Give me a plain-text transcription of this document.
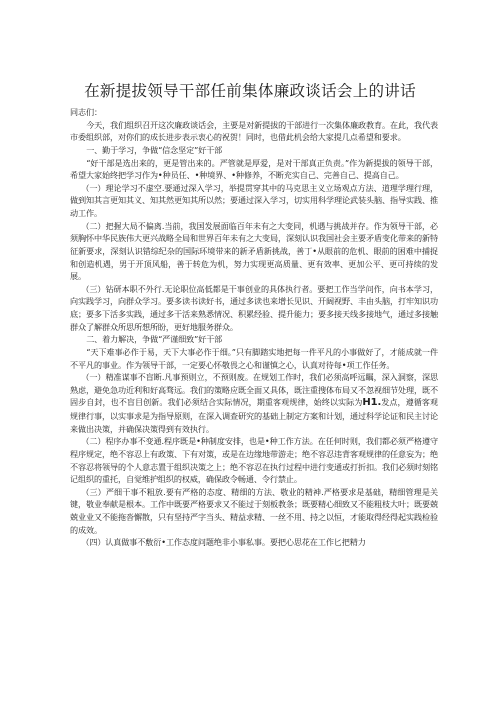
在新提拔领导干部任前集体廉政谈话会上的讲话

同志们：

今天，我们组织召开这次廉政谈话会，主要是对新提拔的干部进行一次集体廉政教育。在此，我代表市委组织部，对你们的成长进步表示衷心的祝贺！同时，也借此机会给大家提几点希望和要求。

一、勤于学习，争做“信念坚定”好干部

“好干部是选出来的，更是管出来的。严管就是厚爱，是对干部真正负责。”作为新提拔的领导干部，希望大家始终把学习作为•种员任、•种境界、•种修养，不断充实自己、完善自己、提高自己。

（一）理论学习不虚空.要通过深入学习，举提贯穿其中的马克思主义立场观点方法、道理学理行理，做到知其言更知其义、知其然更知其所以然；要通过深入学习，切实用科学理论武装头脑、指导实践、推动工作。

（二）把握大局不偏离.当前，我国发展面临百年未有之大变同，机遇与挑战并存。作为领导干部，必须胸怀中华民族伟大更兴战略全局和世界百年未有之大变局，深刻认识我国社会主要矛盾变化带来的新特征新要求，深刻认识错综纪杂的国际环境带来的新矛盾新挑战，善丁•从眼前的危机、眼前的困难中捕捉和创造机遇，男于开顶风船，善于转危为机，努力实现更高质量、更有效率、更加公平、更可持续的发展。

（三）钻研本职不外行.无论职位高低都是干事创业的具体执行者。要把工作当学问作，向书本学习，向实践学习，向群众学习。要多读书读好书，通过多读也来增长见识、开阔视野、丰由头脑，打牢知识功底；要多下活多实践，通过多干活来熟悉情况、积累经验、提升能力；要多接天线多接地气，通过多接触群众了解群众所思所想所盼，更好地服务群众。

二、着力解决，争做“严谨细致”好干部

“天下难事必作于易，天下大事必作于细。”只有脚踏实地把每一件平凡的小事做好了，才能成就一件不平凡的事业。作为领导干部，一定要心怀敬畏之心和谨慎之心，认真对待每•项工作任务。

（一）精准谋事不盲断.凡事预则立，不预则废。在规划工作时，我们必须高呼远瞩，深入洞察，深思熟虑，避免急功近利和好高骛远。我们的策略应既全面又具体，既注重搜体布局又不忽视细节处理，既不固步自封，也不盲目创新。我们必须结合实际情况，期重客观规律，始终以实际为H1.发点，遵循客观规律行事，以实事求是为指导原则，在深入调查研究的基础上制定方案和计划，通过科学论证和民主讨论来做出决策，并确保决策得到有效执行。

（二）程序办事不变通.程序既是•种制度安排，也是•种工作方法。在任何时则，我们都必须严格遵守程序规定，绝不容忍上有政策、下有对策，或是在边缘地带游走；绝不容忍违背客观规律的任意妄为；绝不容忍将领导的个人意志置于组织决策之上；绝不容忍在执行过程中进行变通或打折扣。我们必须时刻铭记组织的重托，自觉维护组织的权威，确保政令畅通、令行禁止。

（三）严细干事不粗放.要有严格的态度、精细的方法、敬业的精神.严格要求是基础，精细管理是关键，敬业奉献是根本。工作中既要严格要求又不能过于刻板教条；既要精心细致又不能粗枝大叶；既要兢兢业业又不能拖沓懈散，只有坚持严字当头、精益求精、一丝不用、持之以恒，才能取得经得起实践检验的成效。

（四）认真做事不敷衍•工作态度问题绝非小事私事。要把心思花在工作匕把精力
